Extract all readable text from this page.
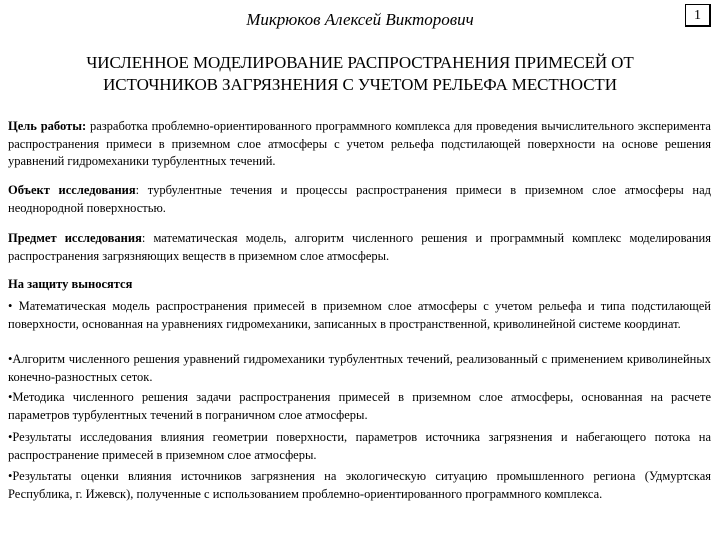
Микрюков Алексей Викторович	1
ЧИСЛЕННОЕ МОДЕЛИРОВАНИЕ РАСПРОСТРАНЕНИЯ ПРИМЕСЕЙ ОТ
ИСТОЧНИКОВ ЗАГРЯЗНЕНИЯ С УЧЕТОМ РЕЛЬЕФА МЕСТНОСТИ

Цель работы: разработка проблемно-ориентированного программного комплекса для проведения вычислительного эксперимента распространения примеси в приземном слое атмосферы с учетом рельефа подстилающей поверхности на основе решения уравнений гидромеханики турбулентных течений.

Объект исследования: турбулентные течения и процессы распространения примеси в приземном слое атмосферы над неоднородной поверхностью.

Предмет исследования: математическая модель, алгоритм численного решения и программный комплекс моделирования распространения загрязняющих веществ в приземном слое атмосферы.

На защиту выносятся

• Математическая модель распространения примесей в приземном слое атмосферы с учетом рельефа и типа подстилающей поверхности, основанная на уравнениях гидромеханики, записанных в пространственной, криволинейной системе координат.

•Алгоритм численного решения уравнений гидромеханики турбулентных течений, реализованный с применением криволинейных конечно-разностных сеток.

•Методика численного решения задачи распространения примесей в приземном слое атмосферы, основанная на расчете параметров турбулентных течений в пограничном слое атмосферы.

•Результаты исследования влияния геометрии поверхности, параметров источника загрязнения и набегающего потока на распространение примесей в приземном слое атмосферы.

•Результаты оценки влияния источников загрязнения на экологическую ситуацию промышленного региона (Удмуртская Республика, г. Ижевск), полученные с использованием проблемно-ориентированного программного комплекса.
